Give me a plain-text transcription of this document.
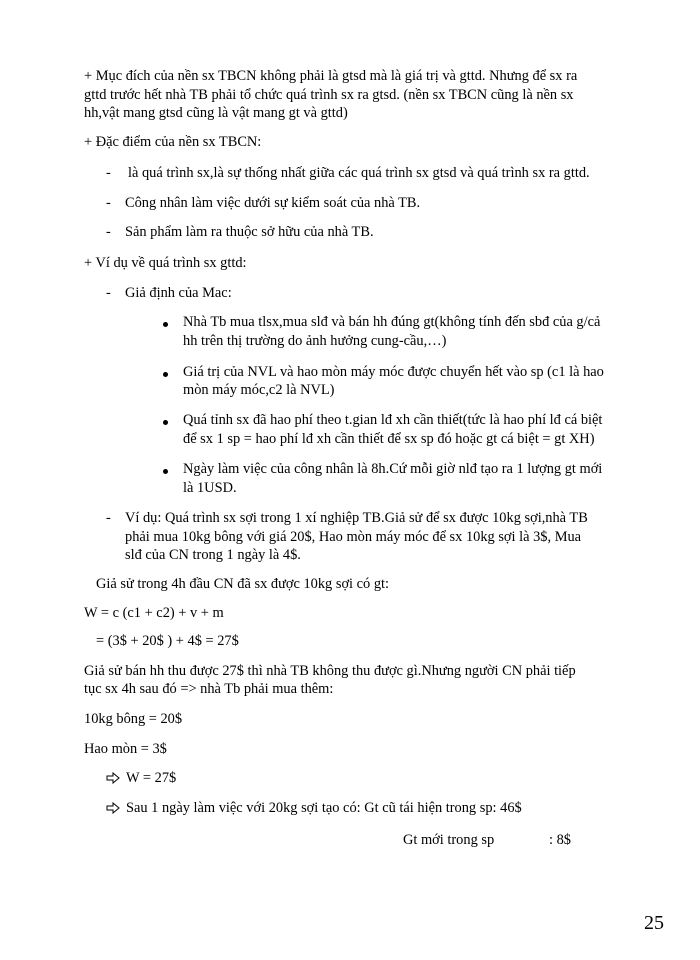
+ Mục đích của nền sx TBCN không phải là gtsd mà là giá trị và gttd. Nhưng để sx ra
gttd trước hết nhà TB phải tổ chức quá trình sx ra gtsd. (nền sx TBCN cũng là nền sx
hh,vật mang gtsd cũng là vật mang gt và gttd)
+ Đặc điểm của nền sx TBCN:
- là quá trình sx,là sự thống nhất giữa các quá trình sx gtsd và quá trình sx ra gttd.
- Công nhân làm việc dưới sự kiểm soát của nhà TB.
- Sản phẩm làm ra thuộc sở hữu của nhà TB.
+ Ví dụ về quá trình sx gttd:
- Giả định của Mac:
Nhà Tb mua tlsx,mua slđ và bán hh đúng gt(không tính đến sbđ của g/cả
hh trên thị trường do ảnh hưởng cung-cầu,…)
Giá trị của NVL và hao mòn máy móc được chuyển hết vào sp (c1 là hao
mòn máy móc,c2 là NVL)
Quá tỉnh sx đã hao phí theo t.gian lđ xh cần thiết(tức là hao phí lđ cá biệt
để sx 1 sp = hao phí lđ xh cần thiết để sx sp đó hoặc gt cá biệt = gt XH)
Ngày làm việc của công nhân là 8h.Cứ mỗi giờ nlđ tạo ra 1 lượng gt mới
là 1USD.
- Ví dụ: Quá trình sx sợi trong 1 xí nghiệp TB.Giả sử để sx được 10kg sợi,nhà TB
phải mua 10kg bông với giá 20$, Hao mòn máy móc để sx 10kg sợi là 3$, Mua
slđ của CN trong 1 ngày là 4$.
Giả sử trong 4h đầu CN đã sx được 10kg sợi có gt:
W = c (c1 + c2) + v + m
= (3$ + 20$ ) + 4$ = 27$
Giả sử bán hh thu được 27$ thì nhà TB không thu được gì.Nhưng người CN phải tiếp
tục sx 4h sau đó => nhà Tb phải mua thêm:
10kg bông = 20$
Hao mòn = 3$
W = 27$
Sau 1 ngày làm việc với 20kg sợi tạo có: Gt cũ tái hiện trong sp: 46$
Gt mới trong sp	: 8$
25
